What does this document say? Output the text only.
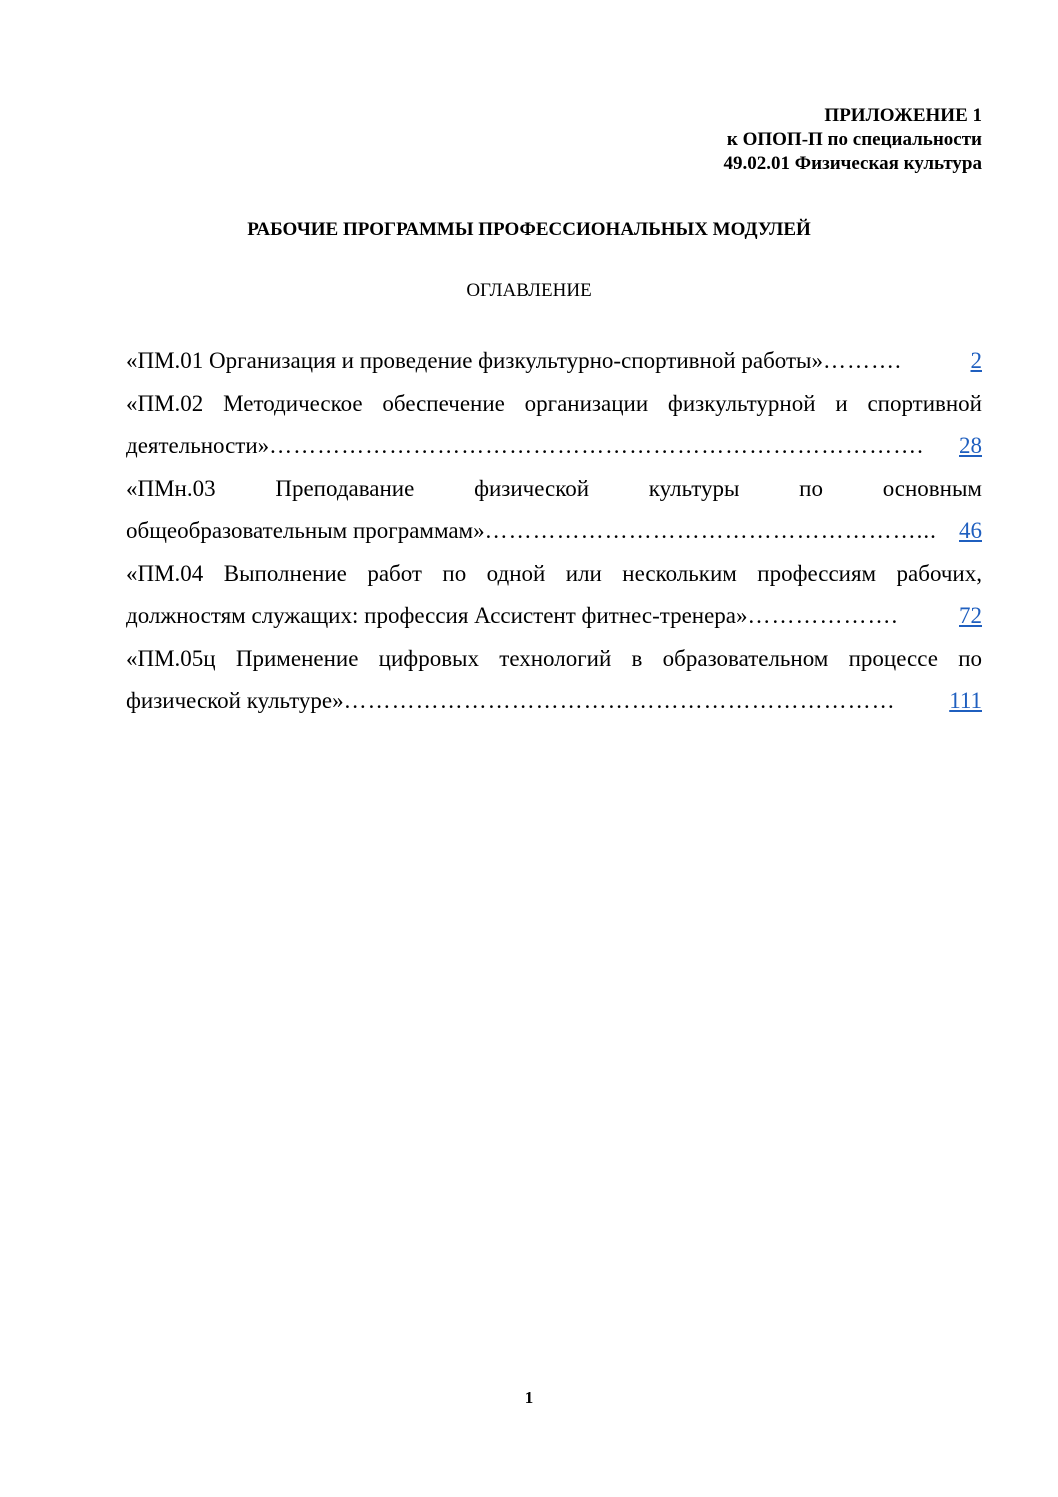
ПРИЛОЖЕНИЕ 1
к ОПОП-П по специальности
49.02.01 Физическая культура
РАБОЧИЕ ПРОГРАММЫ ПРОФЕССИОНАЛЬНЫХ МОДУЛЕЙ
ОГЛАВЛЕНИЕ
«ПМ.01 Организация и проведение физкультурно-спортивной работы» ……….	2
«ПМ.02 Методическое обеспечение организации физкультурной и спортивной
деятельности» ……………………………………………………………………….	28
«ПМн.03 Преподавание физической культуры по основным
общеобразовательным программам» ………………………………………………... 46
«ПМ.04 Выполнение работ по одной или нескольким профессиям рабочих,
должностям служащих: профессия Ассистент фитнес-тренера» ……………….	72
«ПМ.05ц Применение цифровых технологий в образовательном процессе по
физической культуре» ……………………………………………………………	111
1
